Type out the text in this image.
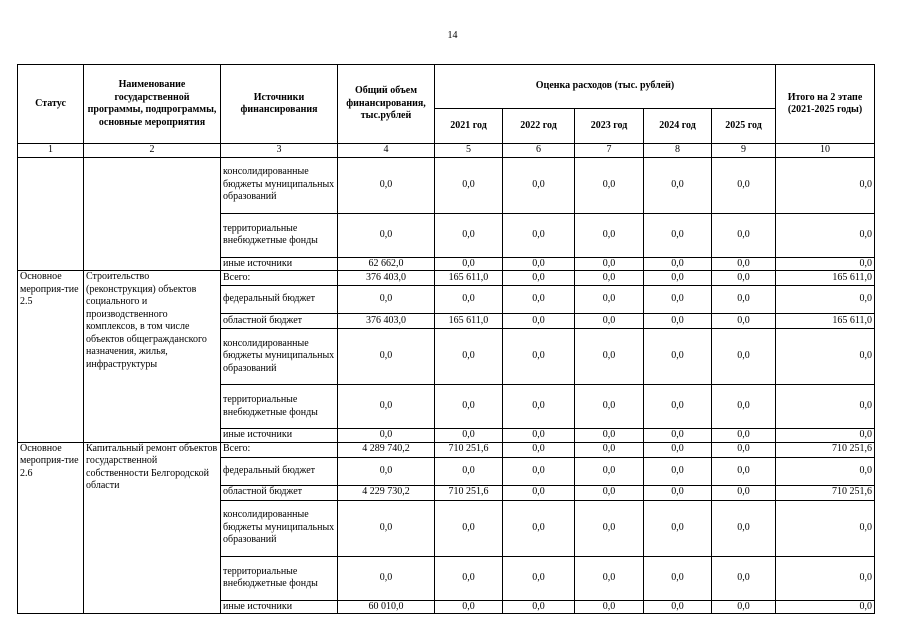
14
Статус	Наименование государственной программы, подпрограммы, основные мероприятия	Источники финансирования	Общий объем финансирования, тыс.рублей	Оценка расходов (тыс. рублей)					Итого на 2 этапе (2021-2025 годы)
				2021 год	2022 год	2023 год	2024 год	2025 год	
1	2	3	4	5	6	7	8	9	10
		консолидированные бюджеты муниципальных образований	0,0	0,0	0,0	0,0	0,0	0,0	0,0
		территориальные внебюджетные фонды	0,0	0,0	0,0	0,0	0,0	0,0	0,0
		иные источники	62 662,0	0,0	0,0	0,0	0,0	0,0	0,0
Основное мероприя-тие 2.5	Строительство (реконструкция) объектов социального и производственного комплексов, в том числе объектов общегражданского назначения, жилья, инфраструктуры	Всего:	376 403,0	165 611,0	0,0	0,0	0,0	0,0	165 611,0
		федеральный бюджет	0,0	0,0	0,0	0,0	0,0	0,0	0,0
		областной бюджет	376 403,0	165 611,0	0,0	0,0	0,0	0,0	165 611,0
		консолидированные бюджеты муниципальных образований	0,0	0,0	0,0	0,0	0,0	0,0	0,0
		территориальные внебюджетные фонды	0,0	0,0	0,0	0,0	0,0	0,0	0,0
		иные источники	0,0	0,0	0,0	0,0	0,0	0,0	0,0
Основное мероприя-тие 2.6	Капитальный ремонт объектов государственной собственности Белгородской области	Всего:	4 289 740,2	710 251,6	0,0	0,0	0,0	0,0	710 251,6
		федеральный бюджет	0,0	0,0	0,0	0,0	0,0	0,0	0,0
		областной бюджет	4 229 730,2	710 251,6	0,0	0,0	0,0	0,0	710 251,6
		консолидированные бюджеты муниципальных образований	0,0	0,0	0,0	0,0	0,0	0,0	0,0
		территориальные внебюджетные фонды	0,0	0,0	0,0	0,0	0,0	0,0	0,0
		иные источники	60 010,0	0,0	0,0	0,0	0,0	0,0	0,0
